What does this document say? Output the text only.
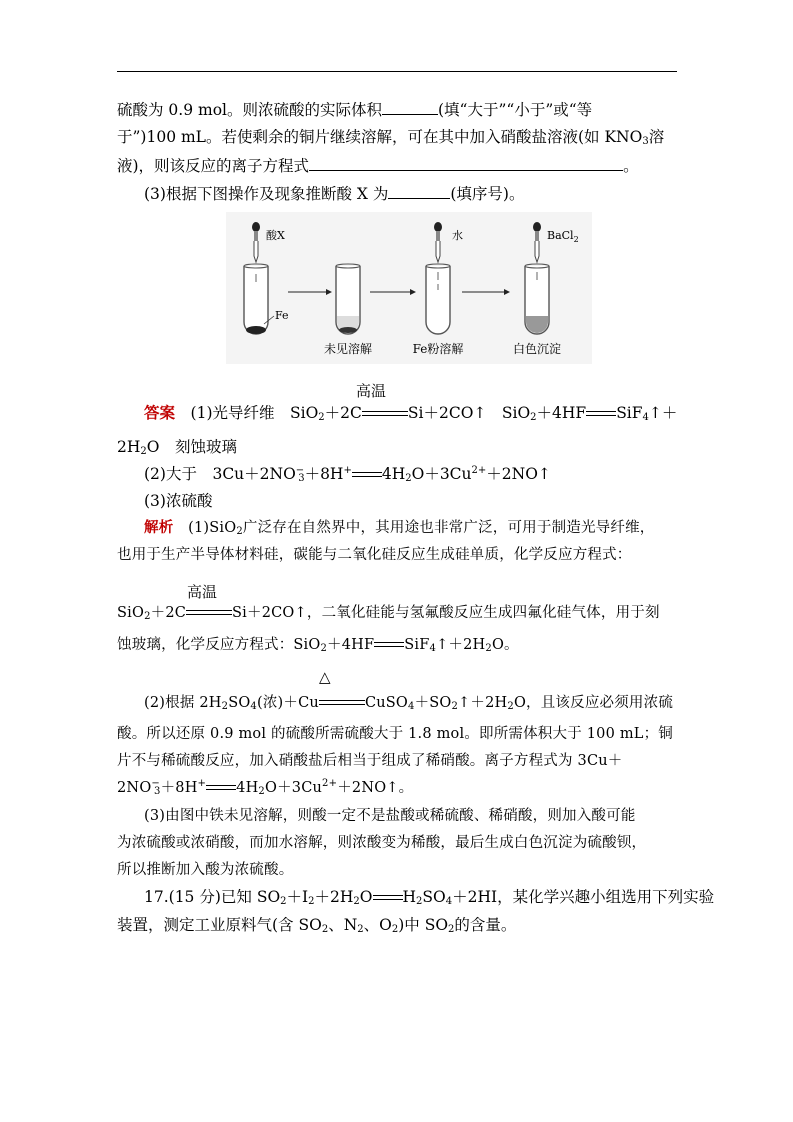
硫酸为 0.9 mol。则浓硫酸的实际体积	(填“大于”“小于”或“等
于”)100 mL。若使剩余的铜片继续溶解，可在其中加入硝酸盐溶液(如 $KNO_3$溶
液)，则该反应的离子方程式	。
(3)根据下图操作及现象推断酸 X 为	(填序号)。
酸X
Fe
未见溶解
水
Fe粉溶解
BaCl$_2$
白色沉淀
高温
答案　 (1)光导纤维　SiO$_2$＋2C	Si＋2CO↑　SiO$_2$＋4HF SiF$_4$↑＋
$2H_2O$　刻蚀玻璃
(2)大于　$3Cu+2NO^-_3+8H^+$ $4H_2O+3Cu^{2+}+2NO↑$
(3)浓硫酸
解析　 (1)SiO$_2$广泛存在自然界中，其用途也非常广泛，可用于制造光导纤维，
也用于生产半导体材料硅，碳能与二氧化硅反应生成硅单质，化学反应方程式：
高温
SiO$_2$＋2C	Si＋2CO↑，二氧化硅能与氢氟酸反应生成四氟化硅气体，用于刻
蚀玻璃，化学反应方程式：SiO$_2$＋4HF $SiF_4↑+2H_2O$。
△
(2)根据 $2H_2SO_4$(浓)＋Cu	$CuSO_4+SO_2↑+2H_2O$，且该反应必须用浓硫
酸。所以还原 0.9 mol 的硫酸所需硫酸大于 1.8 mol。即所需体积大于 100 mL；铜
片不与稀硫酸反应，加入硝酸盐后相当于组成了稀硝酸。离子方程式为 3Cu＋
$2NO^-_3+8H^+$ $4H_2O+3Cu^{2+}+2NO↑$。
(3)由图中铁未见溶解，则酸一定不是盐酸或稀硫酸、稀硝酸，则加入酸可能
为浓硫酸或浓硝酸，而加水溶解，则浓酸变为稀酸，最后生成白色沉淀为硫酸钡，
所以推断加入酸为浓硫酸。
17.(15 分)已知 $SO_2+I_2+2H_2O$ $H_2SO_4+2HI$，某化学兴趣小组选用下列实验
装置，测定工业原料气(含 $SO_2$、$N_2$、$O_2$)中 $SO_2$的含量。
